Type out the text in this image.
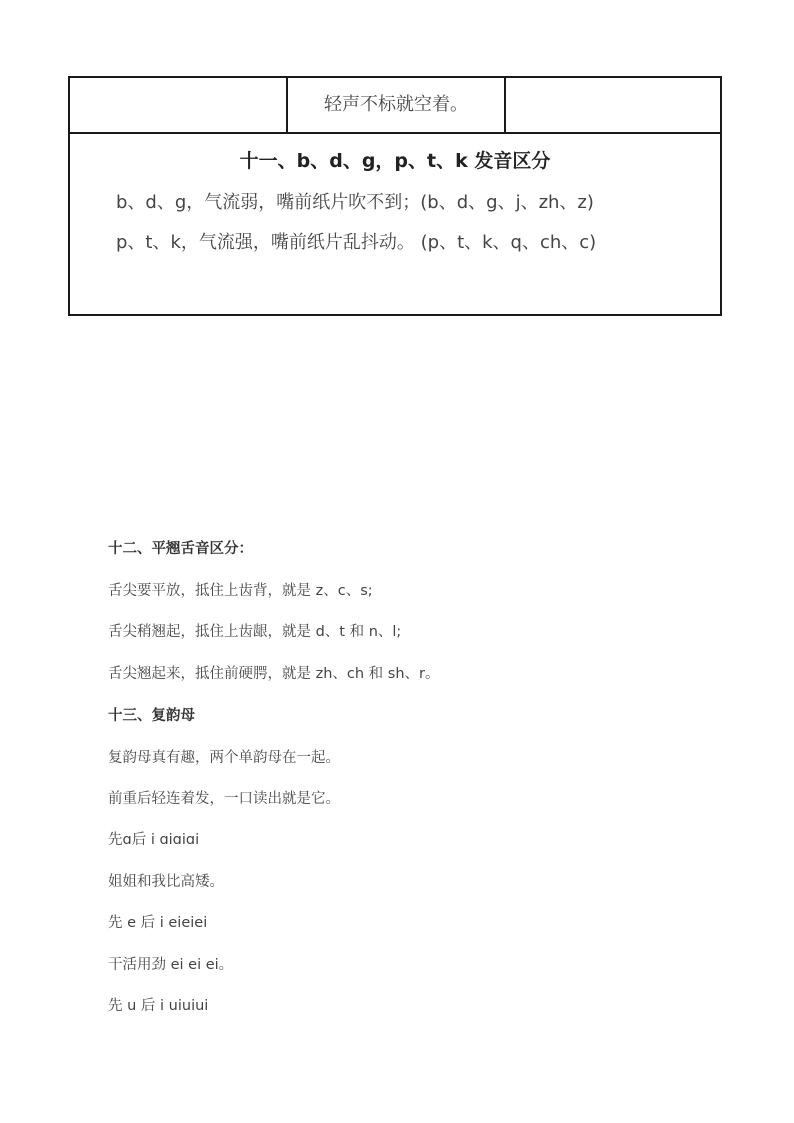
轻声不标就空着。
十一、b、d、g，p、t、k 发音区分
b、d、g，气流弱，嘴前纸片吹不到；(b、d、g、j、zh、z)
p、t、k，气流强，嘴前纸片乱抖动。 (p、t、k、q、ch、c)
十二、平翘舌音区分：
舌尖要平放，抵住上齿背，就是 z、c、s;
舌尖稍翘起，抵住上齿龈，就是 d、t 和 n、l;
舌尖翘起来，抵住前硬腭，就是 zh、ch 和 sh、r。
十三、复韵母
复韵母真有趣，两个单韵母在一起。
前重后轻连着发，一口读出就是它。
先ɑ后 i ɑiɑiɑi
姐姐和我比高矮。
先 e 后 i eieiei
干活用劲 ei ei ei。
先 u 后 i uiuiui
